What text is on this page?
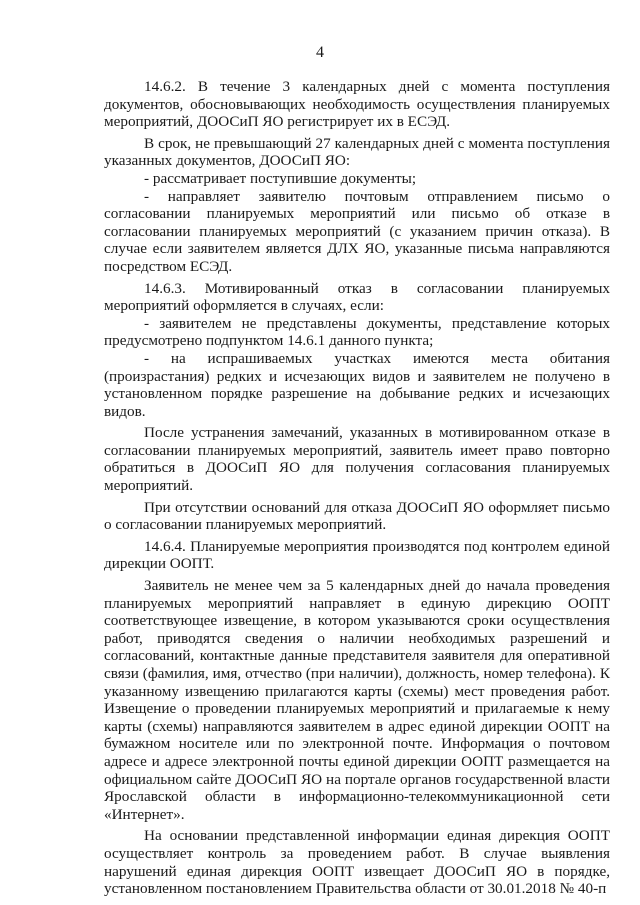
4

14.6.2. В течение 3 календарных дней с момента поступления документов, обосновывающих необходимость осуществления планируемых мероприятий, ДООСиП ЯО регистрирует их в ЕСЭД.

В срок, не превышающий 27 календарных дней с момента поступления указанных документов, ДООСиП ЯО:

- рассматривает поступившие документы;

- направляет заявителю почтовым отправлением письмо о согласовании планируемых мероприятий или письмо об отказе в согласовании планируемых мероприятий (с указанием причин отказа). В случае если заявителем является ДЛХ ЯО, указанные письма направляются посредством ЕСЭД.

14.6.3. Мотивированный отказ в согласовании планируемых мероприятий оформляется в случаях, если:

- заявителем не представлены документы, представление которых предусмотрено подпунктом 14.6.1 данного пункта;

- на испрашиваемых участках имеются места обитания (произрастания) редких и исчезающих видов и заявителем не получено в установленном порядке разрешение на добывание редких и исчезающих видов.

После устранения замечаний, указанных в мотивированном отказе в согласовании планируемых мероприятий, заявитель имеет право повторно обратиться в ДООСиП ЯО для получения согласования планируемых мероприятий.

При отсутствии оснований для отказа ДООСиП ЯО оформляет письмо о согласовании планируемых мероприятий.

14.6.4. Планируемые мероприятия производятся под контролем единой дирекции ООПТ.

Заявитель не менее чем за 5 календарных дней до начала проведения планируемых мероприятий направляет в единую дирекцию ООПТ соответствующее извещение, в котором указываются сроки осуществления работ, приводятся сведения о наличии необходимых разрешений и согласований, контактные данные представителя заявителя для оперативной связи (фамилия, имя, отчество (при наличии), должность, номер телефона). К указанному извещению прилагаются карты (схемы) мест проведения работ. Извещение о проведении планируемых мероприятий и прилагаемые к нему карты (схемы) направляются заявителем в адрес единой дирекции ООПТ на бумажном носителе или по электронной почте. Информация о почтовом адресе и адресе электронной почты единой дирекции ООПТ размещается на официальном сайте ДООСиП ЯО на портале органов государственной власти Ярославской области в информационно-телекоммуникационной сети «Интернет».

На основании представленной информации единая дирекция ООПТ осуществляет контроль за проведением работ. В случае выявления нарушений единая дирекция ООПТ извещает ДООСиП ЯО в порядке, установленном постановлением Правительства области от 30.01.2018 № 40-п
